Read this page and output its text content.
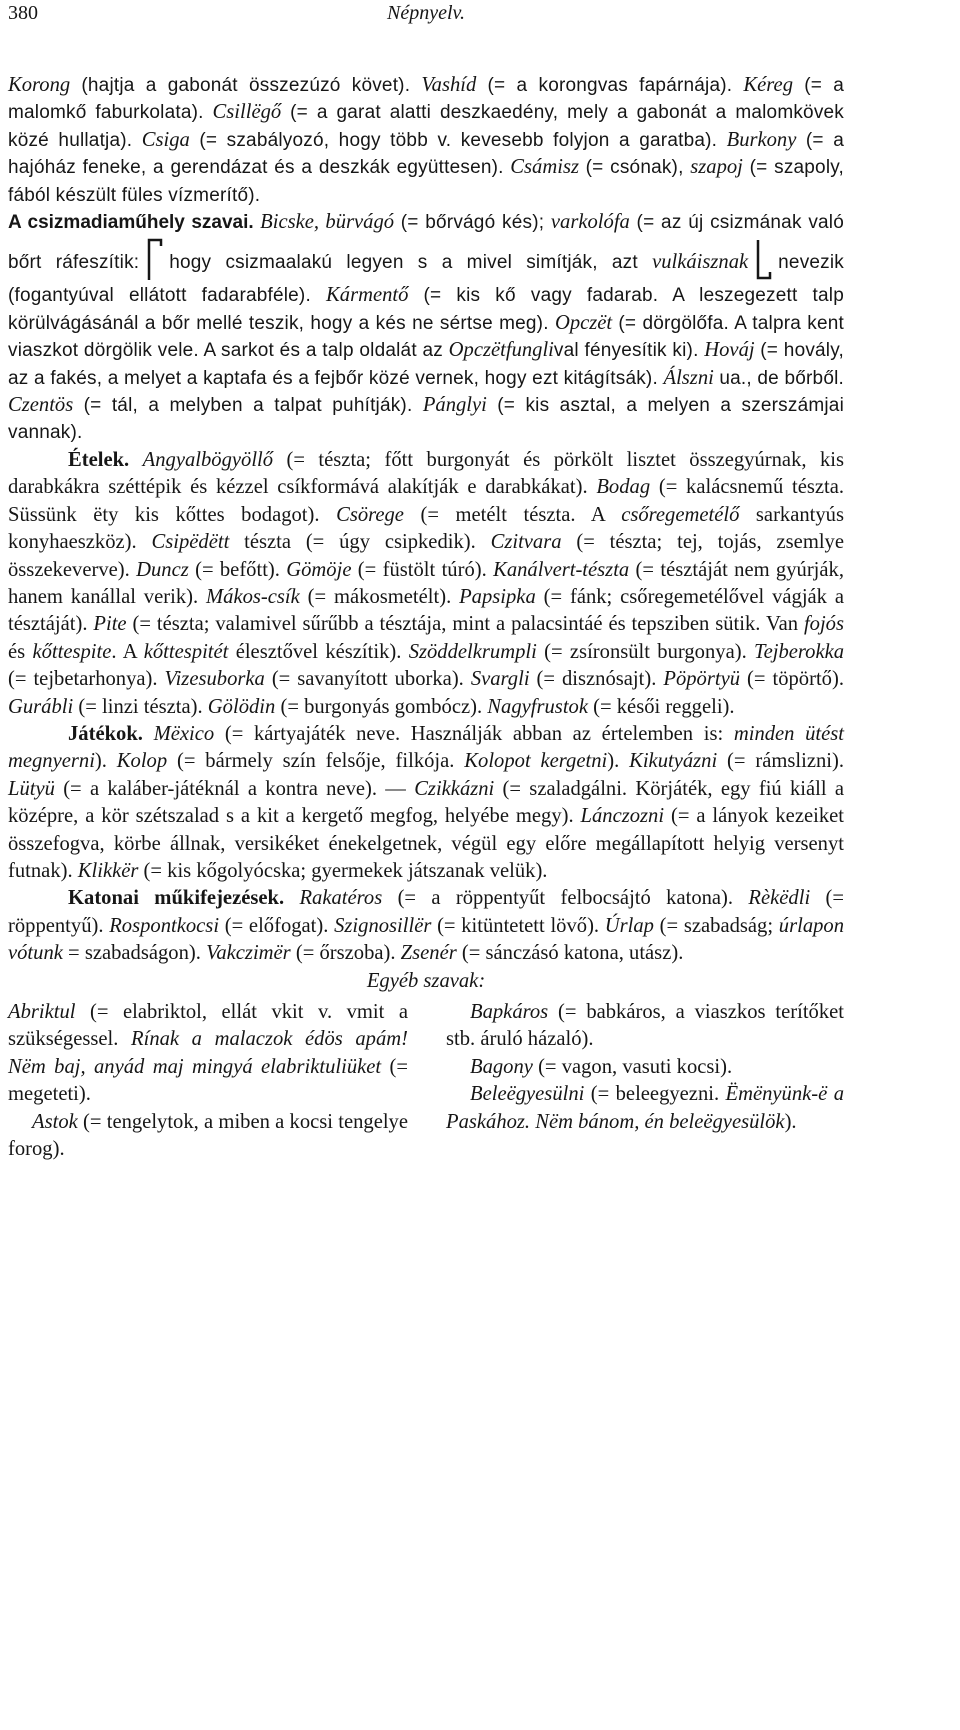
380	Népnyelv.

Korong (hajtja a gabonát összezúzó követ). Vashíd (= a korongvas fapárnája). Kéreg (= a malomkő faburkolata). Csillëgő (= a garat alatti deszkaedény, mely a gabonát a malomkövek közé hullatja). Csiga (= szabályozó, hogy több v. kevesebb folyjon a garatba). Burkony (= a hajóház feneke, a gerendázat és a deszkák együttesen). Csámisz (= csónak), szapoj (= szapoly, fából készült füles vízmerítő).

A csizmadiaműhely szavai. Bicske, bürvágó (= bőrvágó kés); varkolófa (= az új csizmának való bőrt ráfeszítik: hogy csizmaalakú legyen s a mivel simítják, azt vulkáisznak nevezik (fogantyúval ellátott fadarabféle). Kármentő (= kis kő vagy fadarab. A leszegezett talp körülvágásánál a bőr mellé teszik, hogy a kés ne sértse meg). Opczët (= dörgölőfa. A talpra kent viaszkot dörgölik vele. A sarkot és a talp oldalát az Opczëtfunglival fényesítik ki). Hováj (= hovály, az a fakés, a melyet a kaptafa és a fejbőr közé vernek, hogy ezt kitágítsák). Álszni ua., de bőrből. Czentös (= tál, a melyben a talpat puhítják). Pánglyi (= kis asztal, a melyen a szerszámjai vannak).

Ételek. Angyalbögyöllő (= tészta; főtt burgonyát és pörkölt lisztet összegyúrnak, kis darabkákra széttépik és kézzel csíkformává alakítják e darabkákat). Bodag (= kalácsnemű tészta. Süssünk ëty kis kőttes bodagot). Csörege (= metélt tészta. A csőregemetélő sarkantyús konyhaeszköz). Csipëdëtt tészta (= úgy csipkedik). Czitvara (= tészta; tej, tojás, zsemlye összekeverve). Duncz (= befőtt). Gömöje (= füstölt túró). Kanálvert-tészta (= tésztáját nem gyúrják, hanem kanállal verik). Mákos-csík (= mákosmetélt). Papsipka (= fánk; csőregemetélővel vágják a tésztáját). Pite (= tészta; valamivel sűrűbb a tésztája, mint a palacsintáé és tepsziben sütik. Van fojós és kőttespite. A kőttespitét élesztővel készítik). Szöddelkrumpli (= zsíronsült burgonya). Tejberokka (= tejbetarhonya). Vizesuborka (= savanyított uborka). Svargli (= disznósajt). Pöpörtyü (= töpörtő). Gurábli (= linzi tészta). Gölödin (= burgonyás gombócz). Nagyfrustok (= késői reggeli).

Játékok. Mëxico (= kártyajáték neve. Használják abban az értelemben is: minden ütést megnyerni). Kolop (= bármely szín felsője, filkója. Kolopot kergetni). Kikutyázni (= rámslizni). Lütyü (= a kaláber-játéknál a kontra neve). — Czikkázni (= szaladgálni. Körjáték, egy fiú kiáll a középre, a kör szétszalad s a kit a kergető megfog, helyébe megy). Lánczozni (= a lányok kezeiket összefogva, körbe állnak, versikéket énekelgetnek, végül egy előre megállapított helyig versenyt futnak). Klikkër (= kis kőgolyócska; gyermekek játszanak velük).

Katonai műkifejezések. Rakatéros (= a röppentyűt felbocsájtó katona). Rèkëdli (= röppentyű). Rospontkocsi (= előfogat). Szignosillër (= kitüntetett lövő). Úrlap (= szabadság; úrlapon vótunk = szabadságon). Vakczimër (= őrszoba). Zsenér (= sánczásó katona, utász).

Egyéb szavak:

Abriktul (= elabriktol, ellát vkit v. vmit a szükségessel. Rínak a malaczok édös apám! Nëm baj, anyád maj mingyá elabriktuliüket (= megeteti).

Astok (= tengelytok, a miben a kocsi tengelye forog).

Bapkáros (= babkáros, a viaszkos terítőket stb. áruló házaló).

Bagony (= vagon, vasuti kocsi).

Beleëgyesülni (= beleegyezni. Ëmënyünk-ë a Paskához. Nëm bánom, én beleëgyesülök).
